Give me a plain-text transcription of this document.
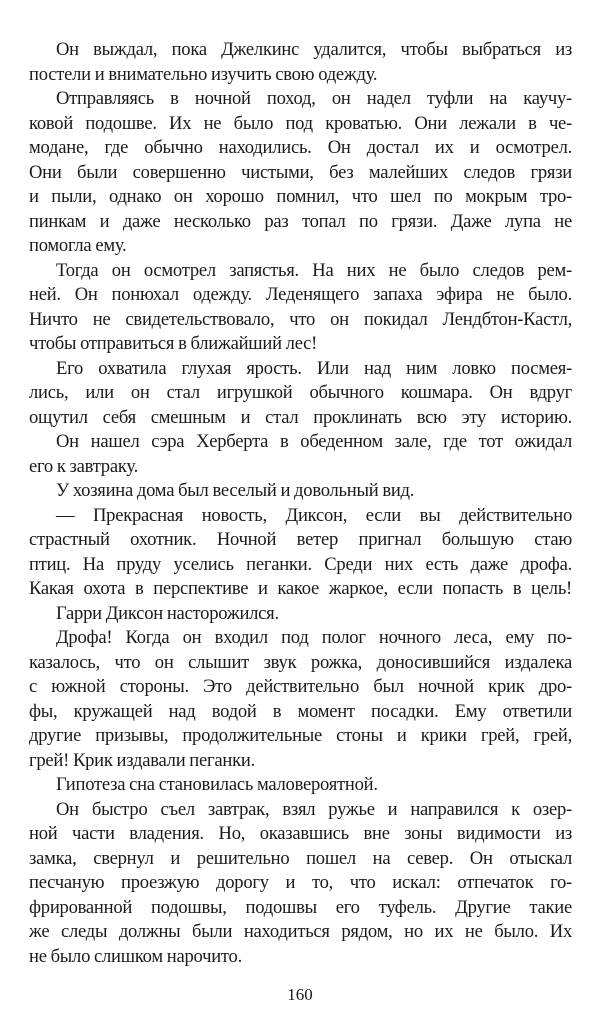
Он выждал, пока Джелкинс удалится, чтобы выбраться из
постели и внимательно изучить свою одежду.
Отправляясь в ночной поход, он надел туфли на каучу-
ковой подошве. Их не было под кроватью. Они лежали в че-
модане, где обычно находились. Он достал их и осмотрел.
Они были совершенно чистыми, без малейших следов грязи
и пыли, однако он хорошо помнил, что шел по мокрым тро-
пинкам и даже несколько раз топал по грязи. Даже лупа не
помогла ему.
Тогда он осмотрел запястья. На них не было следов рем-
ней. Он понюхал одежду. Леденящего запаха эфира не было.
Ничто не свидетельствовало, что он покидал Лендбтон-Кастл,
чтобы отправиться в ближайший лес!
Его охватила глухая ярость. Или над ним ловко посмея-
лись, или он стал игрушкой обычного кошмара. Он вдруг
ощутил себя смешным и стал проклинать всю эту историю.
Он нашел сэра Херберта в обеденном зале, где тот ожидал
его к завтраку.
У хозяина дома был веселый и довольный вид.
— Прекрасная новость, Диксон, если вы действительно
страстный охотник. Ночной ветер пригнал большую стаю
птиц. На пруду уселись пеганки. Среди них есть даже дрофа.
Какая охота в перспективе и какое жаркое, если попасть в цель!
Гарри Диксон насторожился.
Дрофа! Когда он входил под полог ночного леса, ему по-
казалось, что он слышит звук рожка, доносившийся издалека
с южной стороны. Это действительно был ночной крик дро-
фы, кружащей над водой в момент посадки. Ему ответили
другие призывы, продолжительные стоны и крики грей, грей,
грей! Крик издавали пеганки.
Гипотеза сна становилась маловероятной.
Он быстро съел завтрак, взял ружье и направился к озер-
ной части владения. Но, оказавшись вне зоны видимости из
замка, свернул и решительно пошел на север. Он отыскал
песчаную проезжую дорогу и то, что искал: отпечаток го-
фрированной подошвы, подошвы его туфель. Другие такие
же следы должны были находиться рядом, но их не было. Их
не было слишком нарочито.
160
